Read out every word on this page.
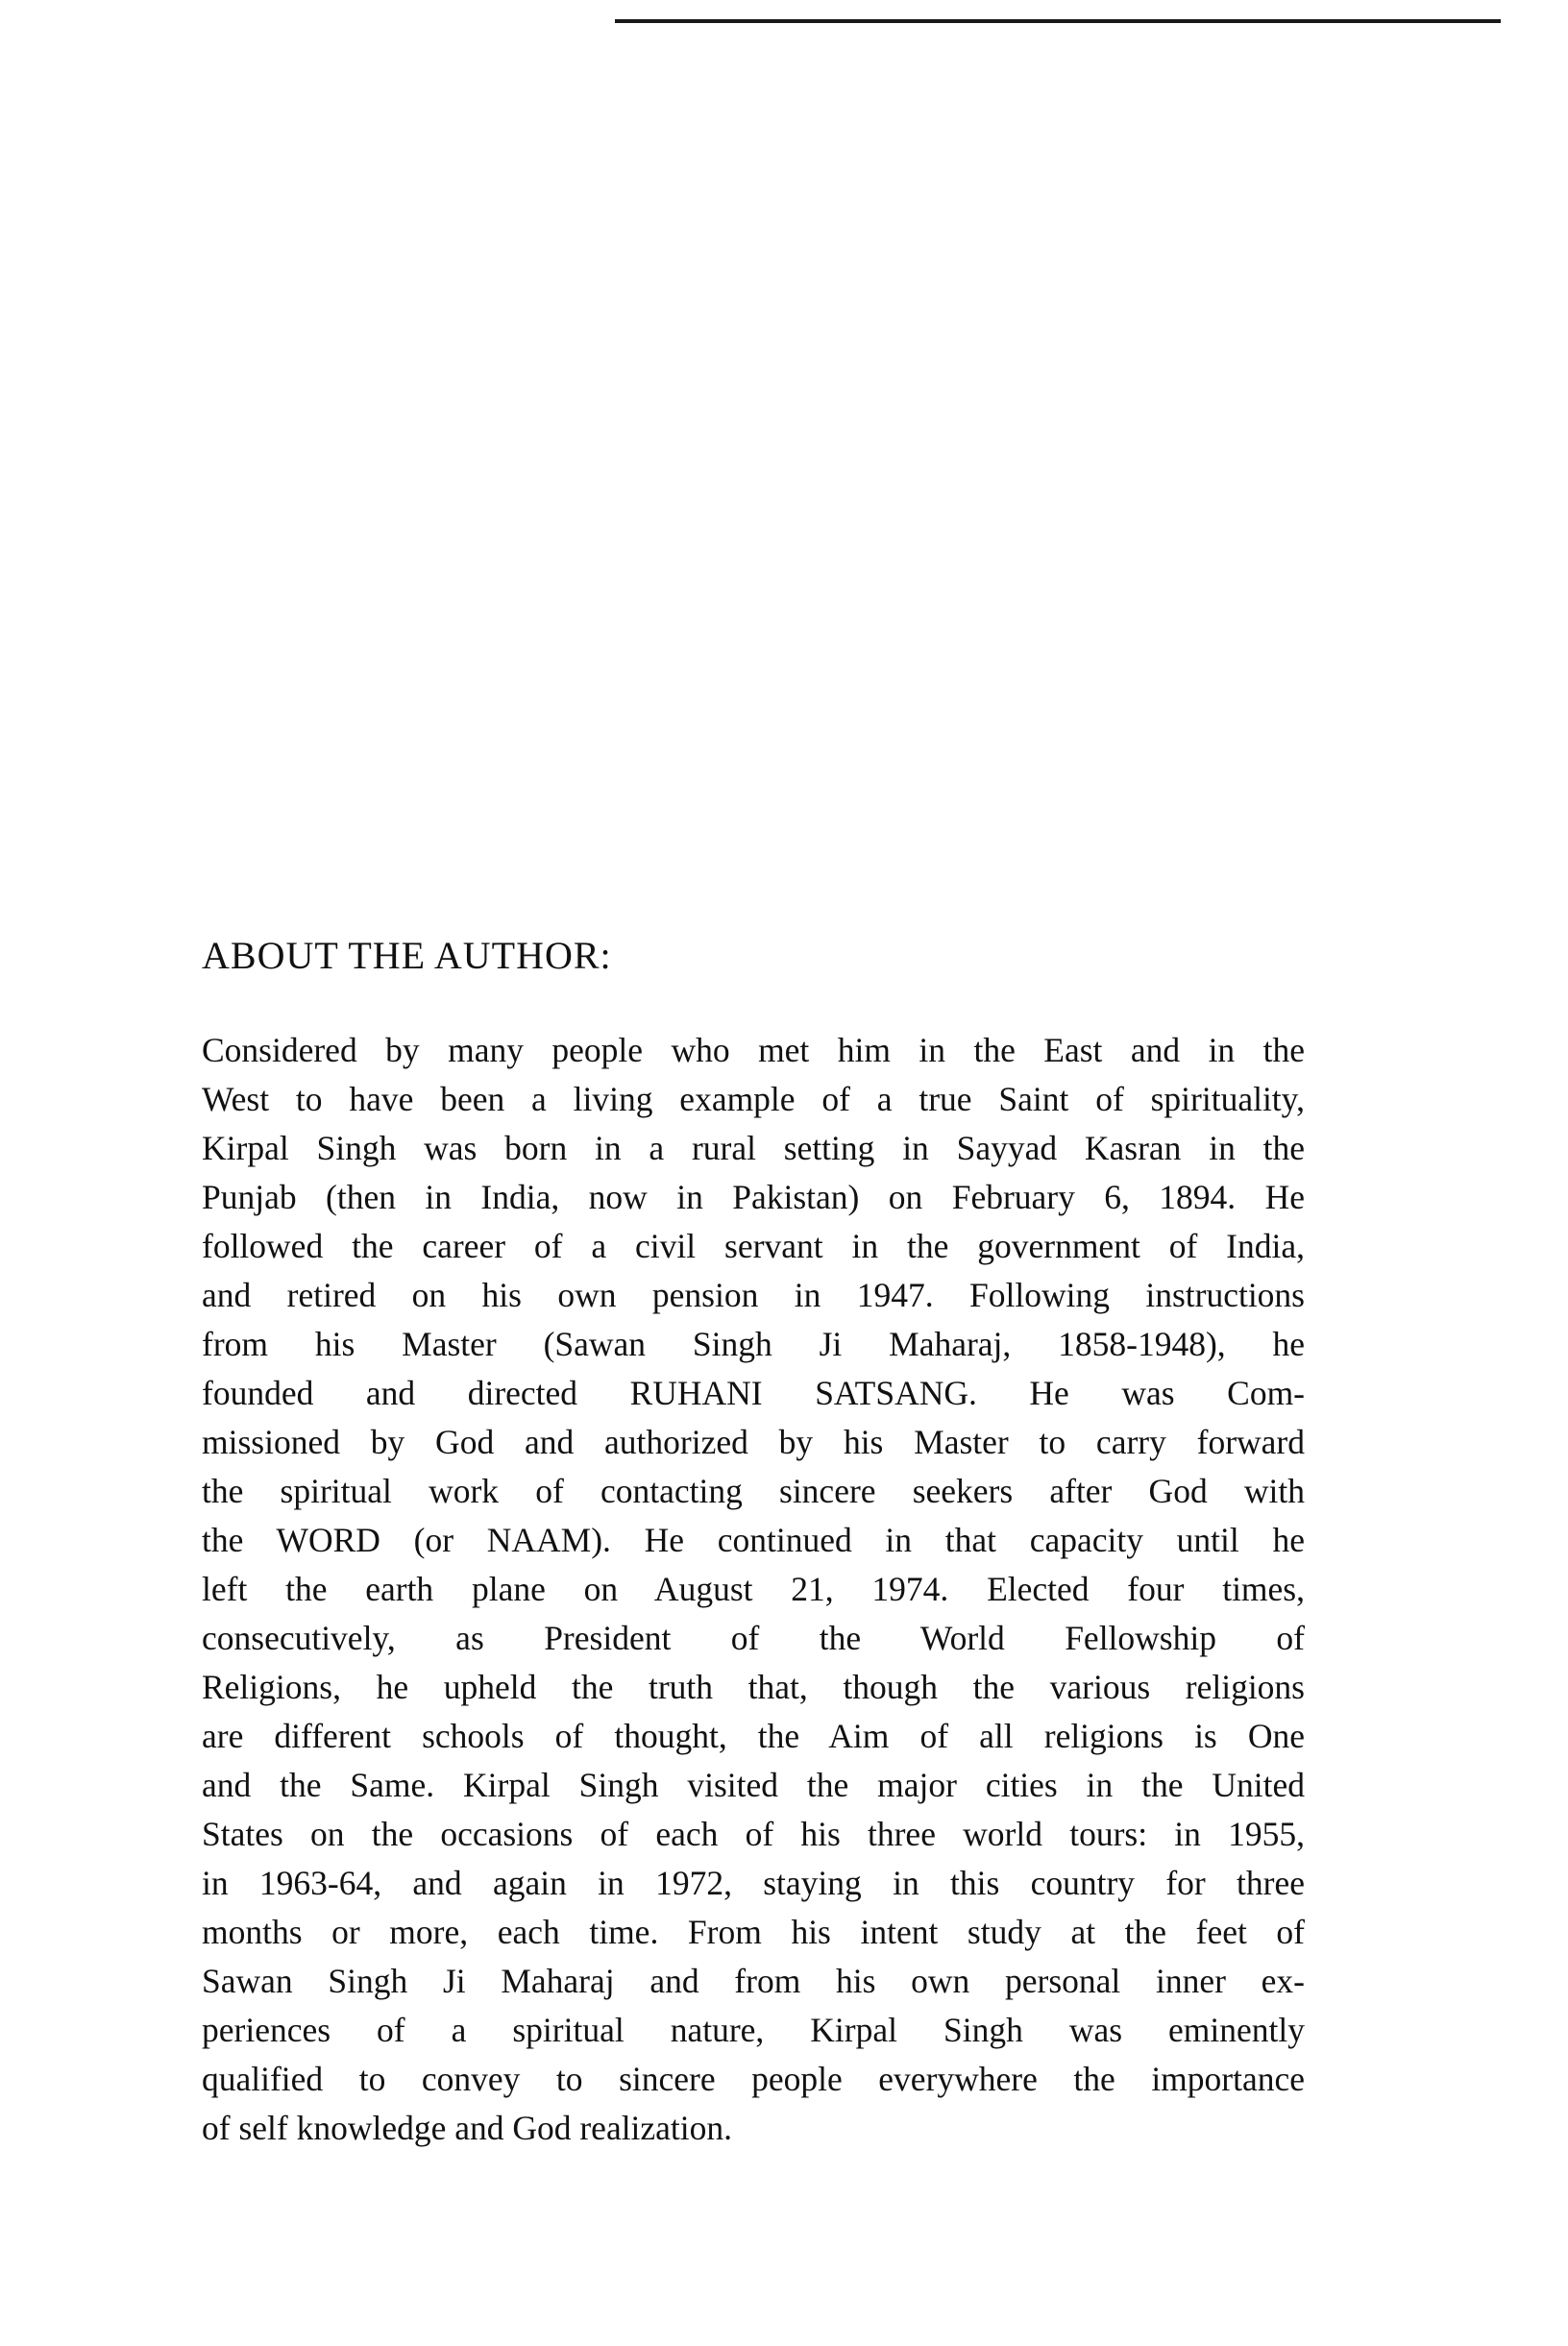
ABOUT THE AUTHOR:
Considered by many people who met him in the East and in the
West to have been a living example of a true Saint of spirituality,
Kirpal Singh was born in a rural setting in Sayyad Kasran in the
Punjab (then in India, now in Pakistan) on February 6, 1894. He
followed the career of a civil servant in the government of India,
and retired on his own pension in 1947. Following instructions
from his Master (Sawan Singh Ji Maharaj, 1858-1948), he
founded and directed RUHANI SATSANG. He was Com-
missioned by God and authorized by his Master to carry forward
the spiritual work of contacting sincere seekers after God with
the WORD (or NAAM). He continued in that capacity until he
left the earth plane on August 21, 1974. Elected four times,
consecutively, as President of the World Fellowship of
Religions, he upheld the truth that, though the various religions
are different schools of thought, the Aim of all religions is One
and the Same. Kirpal Singh visited the major cities in the United
States on the occasions of each of his three world tours: in 1955,
in 1963-64, and again in 1972, staying in this country for three
months or more, each time. From his intent study at the feet of
Sawan Singh Ji Maharaj and from his own personal inner ex-
periences of a spiritual nature, Kirpal Singh was eminently
qualified to convey to sincere people everywhere the importance
of self knowledge and God realization.
